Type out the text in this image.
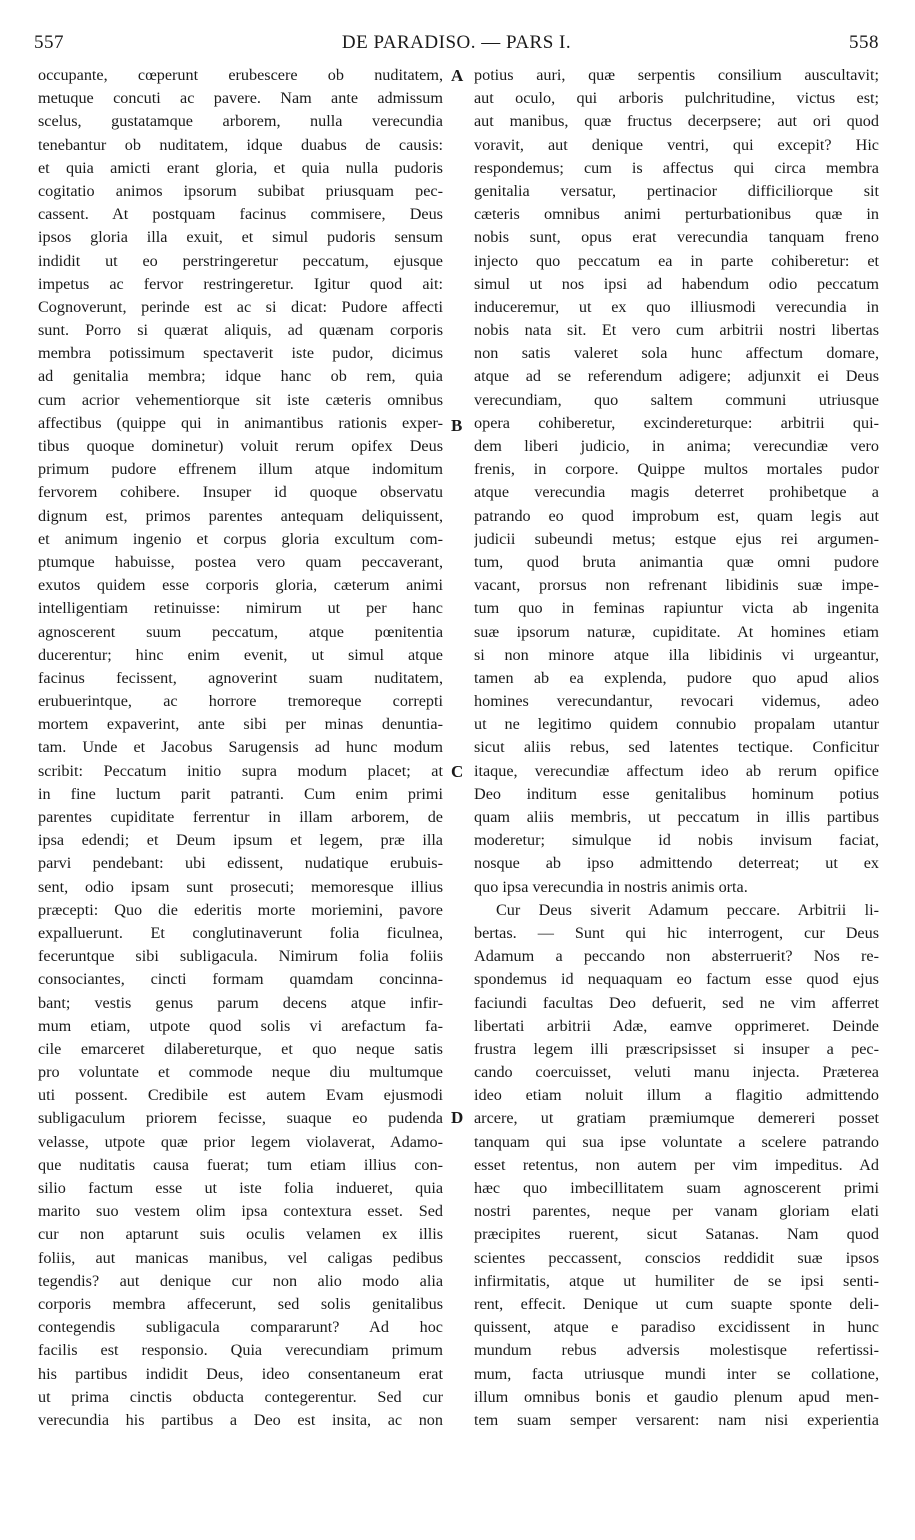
557	DE PARADISO. — PARS I.	558
occupante, cœperunt erubescere ob nuditatem,
metuque concuti ac pavere. Nam ante admissum
scelus, gustatamque arborem, nulla verecundia
tenebantur ob nuditatem, idque duabus de causis:
et quia amicti erant gloria, et quia nulla pudoris
cogitatio animos ipsorum subibat priusquam pec-
cassent. At postquam facinus commisere, Deus
ipsos gloria illa exuit, et simul pudoris sensum
indidit ut eo perstringeretur peccatum, ejusque
impetus ac fervor restringeretur. Igitur quod ait:
Cognoverunt, perinde est ac si dicat: Pudore affecti
sunt. Porro si quærat aliquis, ad quænam corporis
membra potissimum spectaverit iste pudor, dicimus
ad genitalia membra; idque hanc ob rem, quia
cum acrior vehementiorque sit iste cæteris omnibus
affectibus (quippe qui in animantibus rationis exper-
tibus quoque dominetur) voluit rerum opifex Deus
primum pudore effrenem illum atque indomitum
fervorem cohibere. Insuper id quoque observatu
dignum est, primos parentes antequam deliquissent,
et animum ingenio et corpus gloria excultum com-
ptumque habuisse, postea vero quam peccaverant,
exutos quidem esse corporis gloria, cæterum animi
intelligentiam retinuisse: nimirum ut per hanc
agnoscerent suum peccatum, atque pœnitentia
ducerentur; hinc enim evenit, ut simul atque
facinus fecissent, agnoverint suam nuditatem,
erubuerintque, ac horrore tremoreque correpti
mortem expaverint, ante sibi per minas denuntia-
tam. Unde et Jacobus Sarugensis ad hunc modum
scribit: Peccatum initio supra modum placet; at
in fine luctum parit patranti. Cum enim primi
parentes cupiditate ferrentur in illam arborem, de
ipsa edendi; et Deum ipsum et legem, præ illa
parvi pendebant: ubi edissent, nudatique erubuis-
sent, odio ipsam sunt prosecuti; memoresque illius
præcepti: Quo die ederitis morte moriemini, pavore
expalluerunt. Et conglutinaverunt folia ficulnea,
feceruntque sibi subligacula. Nimirum folia foliis
consociantes, cincti formam quamdam concinna-
bant; vestis genus parum decens atque infir-
mum etiam, utpote quod solis vi arefactum fa-
cile emarceret dilabereturque, et quo neque satis
pro voluntate et commode neque diu multumque
uti possent. Credibile est autem Evam ejusmodi
subligaculum priorem fecisse, suaque eo pudenda
velasse, utpote quæ prior legem violaverat, Adamo-
que nuditatis causa fuerat; tum etiam illius con-
silio factum esse ut iste folia indueret, quia
marito suo vestem olim ipsa contextura esset. Sed
cur non aptarunt suis oculis velamen ex illis
foliis, aut manicas manibus, vel caligas pedibus
tegendis? aut denique cur non alio modo alia
corporis membra affecerunt, sed solis genitalibus
contegendis subligacula compararunt? Ad hoc
facilis est responsio. Quia verecundiam primum
his partibus indidit Deus, ideo consentaneum erat
ut prima cinctis obducta contegerentur. Sed cur
verecundia his partibus a Deo est insita, ac non
potius auri, quæ serpentis consilium auscultavit;
aut oculo, qui arboris pulchritudine, victus est;
aut manibus, quæ fructus decerpsere; aut ori quod
voravit, aut denique ventri, qui excepit? Hic
respondemus; cum is affectus qui circa membra
genitalia versatur, pertinacior difficiliorque sit
cæteris omnibus animi perturbationibus quæ in
nobis sunt, opus erat verecundia tanquam freno
injecto quo peccatum ea in parte cohiberetur: et
simul ut nos ipsi ad habendum odio peccatum
induceremur, ut ex quo illiusmodi verecundia in
nobis nata sit. Et vero cum arbitrii nostri libertas
non satis valeret sola hunc affectum domare,
atque ad se referendum adigere; adjunxit ei Deus
verecundiam, quo saltem communi utriusque
opera cohiberetur, excindereturque: arbitrii qui-
dem liberi judicio, in anima; verecundiæ vero
frenis, in corpore. Quippe multos mortales pudor
atque verecundia magis deterret prohibetque a
patrando eo quod improbum est, quam legis aut
judicii subeundi metus; estque ejus rei argumen-
tum, quod bruta animantia quæ omni pudore
vacant, prorsus non refrenant libidinis suæ impe-
tum quo in feminas rapiuntur victa ab ingenita
suæ ipsorum naturæ, cupiditate. At homines etiam
si non minore atque illa libidinis vi urgeantur,
tamen ab ea explenda, pudore quo apud alios
homines verecundantur, revocari videmus, adeo
ut ne legitimo quidem connubio propalam utantur
sicut aliis rebus, sed latentes tectique. Conficitur
itaque, verecundiæ affectum ideo ab rerum opifice
Deo inditum esse genitalibus hominum potius
quam aliis membris, ut peccatum in illis partibus
moderetur; simulque id nobis invisum faciat,
nosque ab ipso admittendo deterreat; ut ex
quo ipsa verecundia in nostris animis orta.
Cur Deus siverit Adamum peccare. Arbitrii li-
bertas. — Sunt qui hic interrogent, cur Deus
Adamum a peccando non absterruerit? Nos re-
spondemus id nequaquam eo factum esse quod ejus
faciundi facultas Deo defuerit, sed ne vim afferret
libertati arbitrii Adæ, eamve opprimeret. Deinde
frustra legem illi præscripsisset si insuper a pec-
cando coercuisset, veluti manu injecta. Præterea
ideo etiam noluit illum a flagitio admittendo
arcere, ut gratiam præmiumque demereri posset
tanquam qui sua ipse voluntate a scelere patrando
esset retentus, non autem per vim impeditus. Ad
hæc quo imbecillitatem suam agnoscerent primi
nostri parentes, neque per vanam gloriam elati
præcipites ruerent, sicut Satanas. Nam quod
scientes peccassent, conscios reddidit suæ ipsos
infirmitatis, atque ut humiliter de se ipsi senti-
rent, effecit. Denique ut cum suapte sponte deli-
quissent, atque e paradiso excidissent in hunc
mundum rebus adversis molestisque refertissi-
mum, facta utriusque mundi inter se collatione,
illum omnibus bonis et gaudio plenum apud men-
tem suam semper versarent: nam nisi experientia
A
B
C
D
